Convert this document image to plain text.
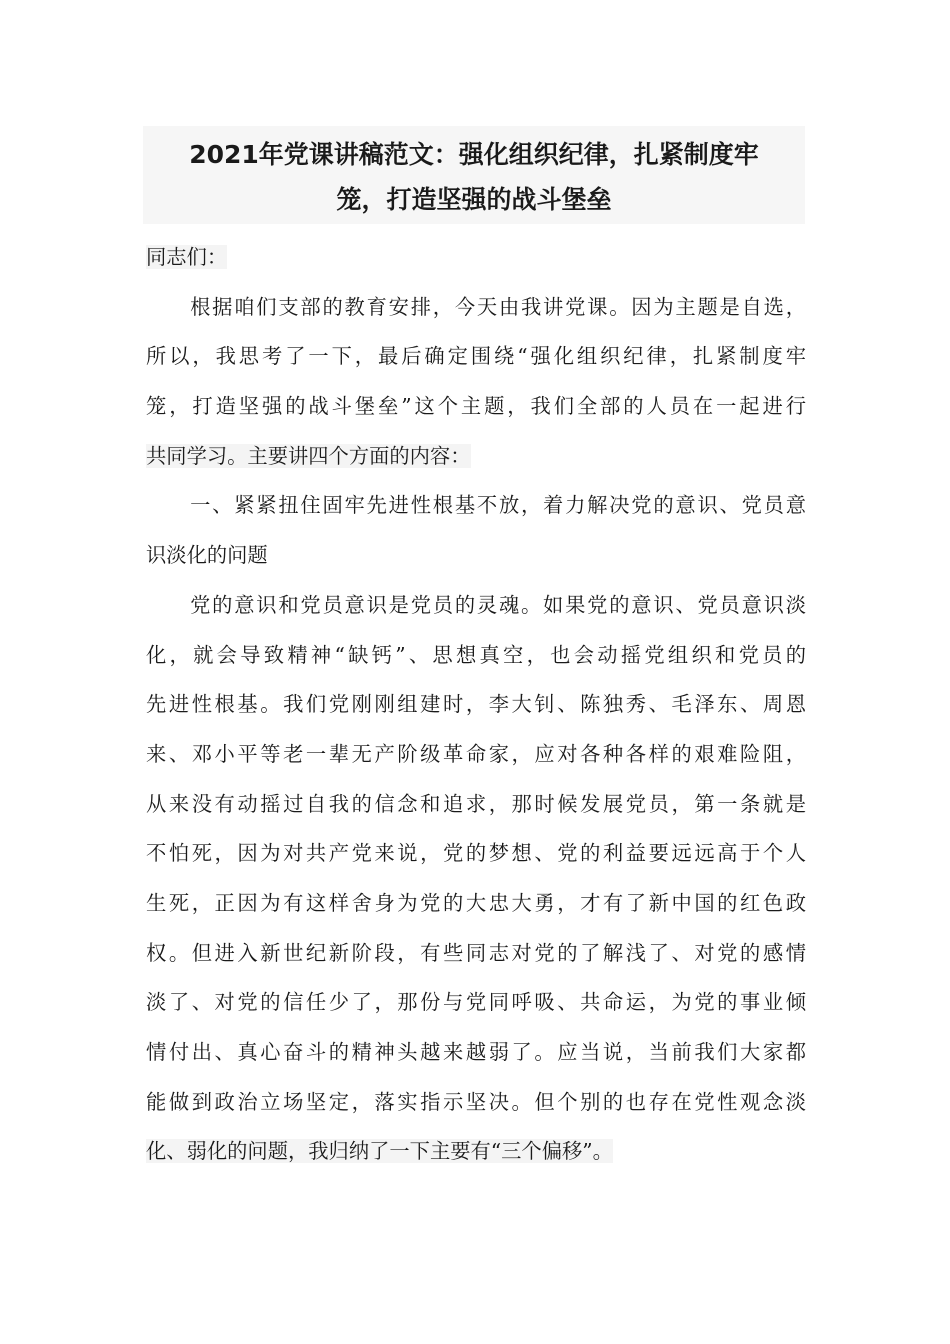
2021年党课讲稿范文：强化组织纪律，扎紧制度牢
笼，打造坚强的战斗堡垒
同志们：
　　根据咱们支部的教育安排，今天由我讲党课。因为主题是自选，
所以，我思考了一下，最后确定围绕“强化组织纪律，扎紧制度牢
笼，打造坚强的战斗堡垒”这个主题，我们全部的人员在一起进行
共同学习。主要讲四个方面的内容：
　　一、紧紧扭住固牢先进性根基不放，着力解决党的意识、党员意
识淡化的问题
　　党的意识和党员意识是党员的灵魂。如果党的意识、党员意识淡
化，就会导致精神“缺钙”、思想真空，也会动摇党组织和党员的
先进性根基。我们党刚刚组建时，李大钊、陈独秀、毛泽东、周恩
来、邓小平等老一辈无产阶级革命家，应对各种各样的艰难险阻，
从来没有动摇过自我的信念和追求，那时候发展党员，第一条就是
不怕死，因为对共产党来说，党的梦想、党的利益要远远高于个人
生死，正因为有这样舍身为党的大忠大勇，才有了新中国的红色政
权。但进入新世纪新阶段，有些同志对党的了解浅了、对党的感情
淡了、对党的信任少了，那份与党同呼吸、共命运，为党的事业倾
情付出、真心奋斗的精神头越来越弱了。应当说，当前我们大家都
能做到政治立场坚定，落实指示坚决。但个别的也存在党性观念淡
化、弱化的问题，我归纳了一下主要有“三个偏移”。
